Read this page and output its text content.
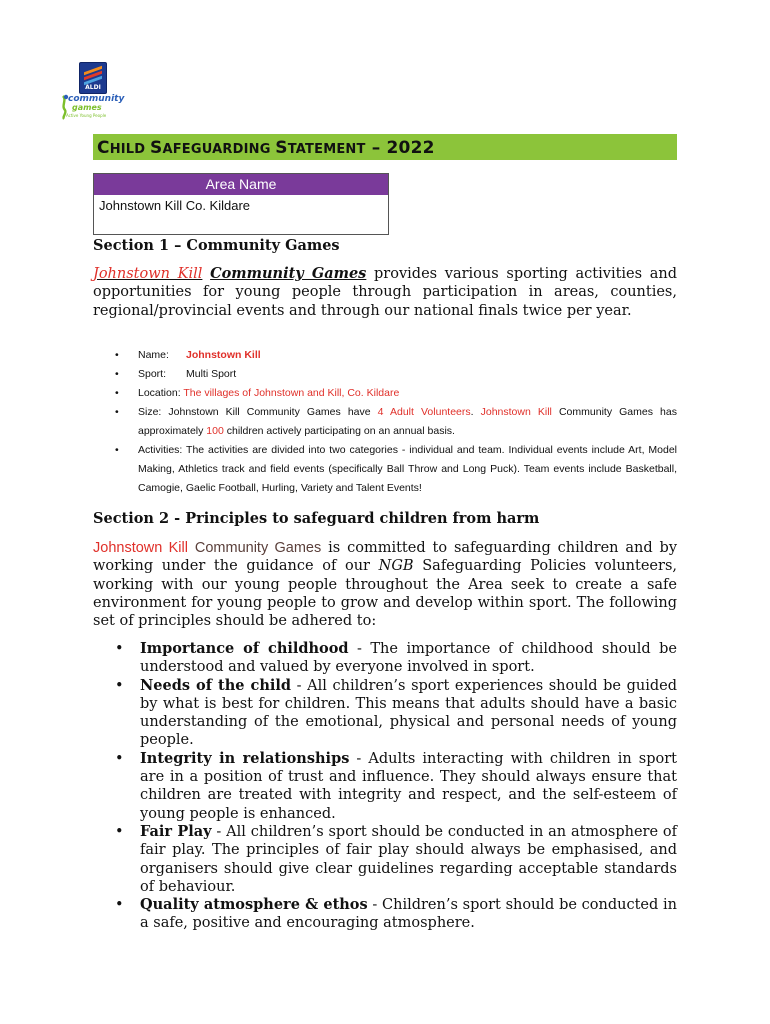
ALDI
community
games
Active Young People
CHILD SAFEGUARDING STATEMENT – 2022
Area Name
Johnstown Kill Co. Kildare
Section 1 – Community Games
Johnstown Kill Community Games provides various sporting activities and opportunities for young people through participation in areas, counties, regional/provincial events and through our national finals twice per year.
• Name: Johnstown Kill
• Sport: Multi Sport
• Location: The villages of Johnstown and Kill, Co. Kildare
• Size: Johnstown Kill Community Games have 4 Adult Volunteers. Johnstown Kill Community Games has approximately 100 children actively participating on an annual basis.
• Activities: The activities are divided into two categories - individual and team. Individual events include Art, Model Making, Athletics track and field events (specifically Ball Throw and Long Puck). Team events include Basketball, Camogie, Gaelic Football, Hurling, Variety and Talent Events!
Section 2 - Principles to safeguard children from harm
Johnstown Kill Community Games is committed to safeguarding children and by working under the guidance of our NGB Safeguarding Policies volunteers, working with our young people throughout the Area seek to create a safe environment for young people to grow and develop within sport. The following set of principles should be adhered to:
• Importance of childhood - The importance of childhood should be understood and valued by everyone involved in sport.
• Needs of the child - All children’s sport experiences should be guided by what is best for children. This means that adults should have a basic understanding of the emotional, physical and personal needs of young people.
• Integrity in relationships - Adults interacting with children in sport are in a position of trust and influence. They should always ensure that children are treated with integrity and respect, and the self-esteem of young people is enhanced.
• Fair Play - All children’s sport should be conducted in an atmosphere of fair play. The principles of fair play should always be emphasised, and organisers should give clear guidelines regarding acceptable standards of behaviour.
• Quality atmosphere & ethos - Children’s sport should be conducted in a safe, positive and encouraging atmosphere.
